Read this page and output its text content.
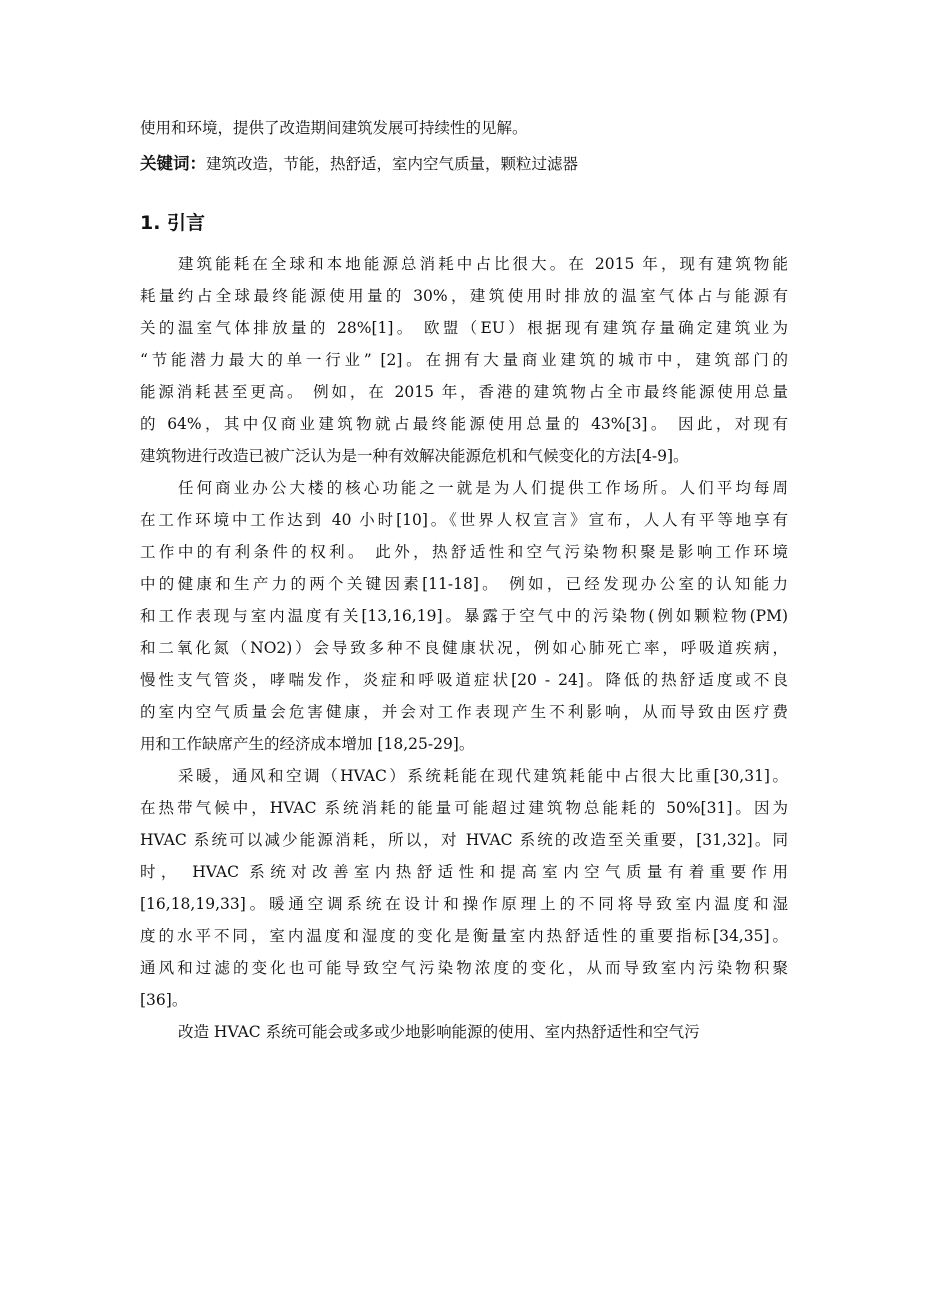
使用和环境，提供了改造期间建筑发展可持续性的见解。
关键词：建筑改造，节能，热舒适，室内空气质量，颗粒过滤器
1. 引言
建筑能耗在全球和本地能源总消耗中占比很大。在 2015 年，现有建筑物能
耗量约占全球最终能源使用量的 30%，建筑使用时排放的温室气体占与能源有
关的温室气体排放量的 28%[1]。 欧盟（EU）根据现有建筑存量确定建筑业为
“节能潜力最大的单一行业” [2]。在拥有大量商业建筑的城市中，建筑部门的
能源消耗甚至更高。 例如，在 2015 年，香港的建筑物占全市最终能源使用总量
的 64%，其中仅商业建筑物就占最终能源使用总量的 43%[3]。 因此，对现有
建筑物进行改造已被广泛认为是一种有效解决能源危机和气候变化的方法[4-9]。
任何商业办公大楼的核心功能之一就是为人们提供工作场所。人们平均每周
在工作环境中工作达到 40 小时[10]。《世界人权宣言》宣布，人人有平等地享有
工作中的有利条件的权利。 此外，热舒适性和空气污染物积聚是影响工作环境
中的健康和生产力的两个关键因素[11-18]。 例如，已经发现办公室的认知能力
和工作表现与室内温度有关[13,16,19]。暴露于空气中的污染物(例如颗粒物(PM)
和二氧化氮（NO2)）会导致多种不良健康状况，例如心肺死亡率，呼吸道疾病，
慢性支气管炎，哮喘发作，炎症和呼吸道症状[20 - 24]。降低的热舒适度或不良
的室内空气质量会危害健康，并会对工作表现产生不利影响，从而导致由医疗费
用和工作缺席产生的经济成本增加 [18,25-29]。
采暖，通风和空调（HVAC）系统耗能在现代建筑耗能中占很大比重[30,31]。
在热带气候中，HVAC 系统消耗的能量可能超过建筑物总能耗的 50%[31]。因为
HVAC 系统可以减少能源消耗，所以，对 HVAC 系统的改造至关重要，[31,32]。同
时， HVAC 系统对改善室内热舒适性和提高室内空气质量有着重要作用
[16,18,19,33]。暖通空调系统在设计和操作原理上的不同将导致室内温度和湿
度的水平不同，室内温度和湿度的变化是衡量室内热舒适性的重要指标[34,35]。
通风和过滤的变化也可能导致空气污染物浓度的变化，从而导致室内污染物积聚
[36]。
改造 HVAC 系统可能会或多或少地影响能源的使用、室内热舒适性和空气污
